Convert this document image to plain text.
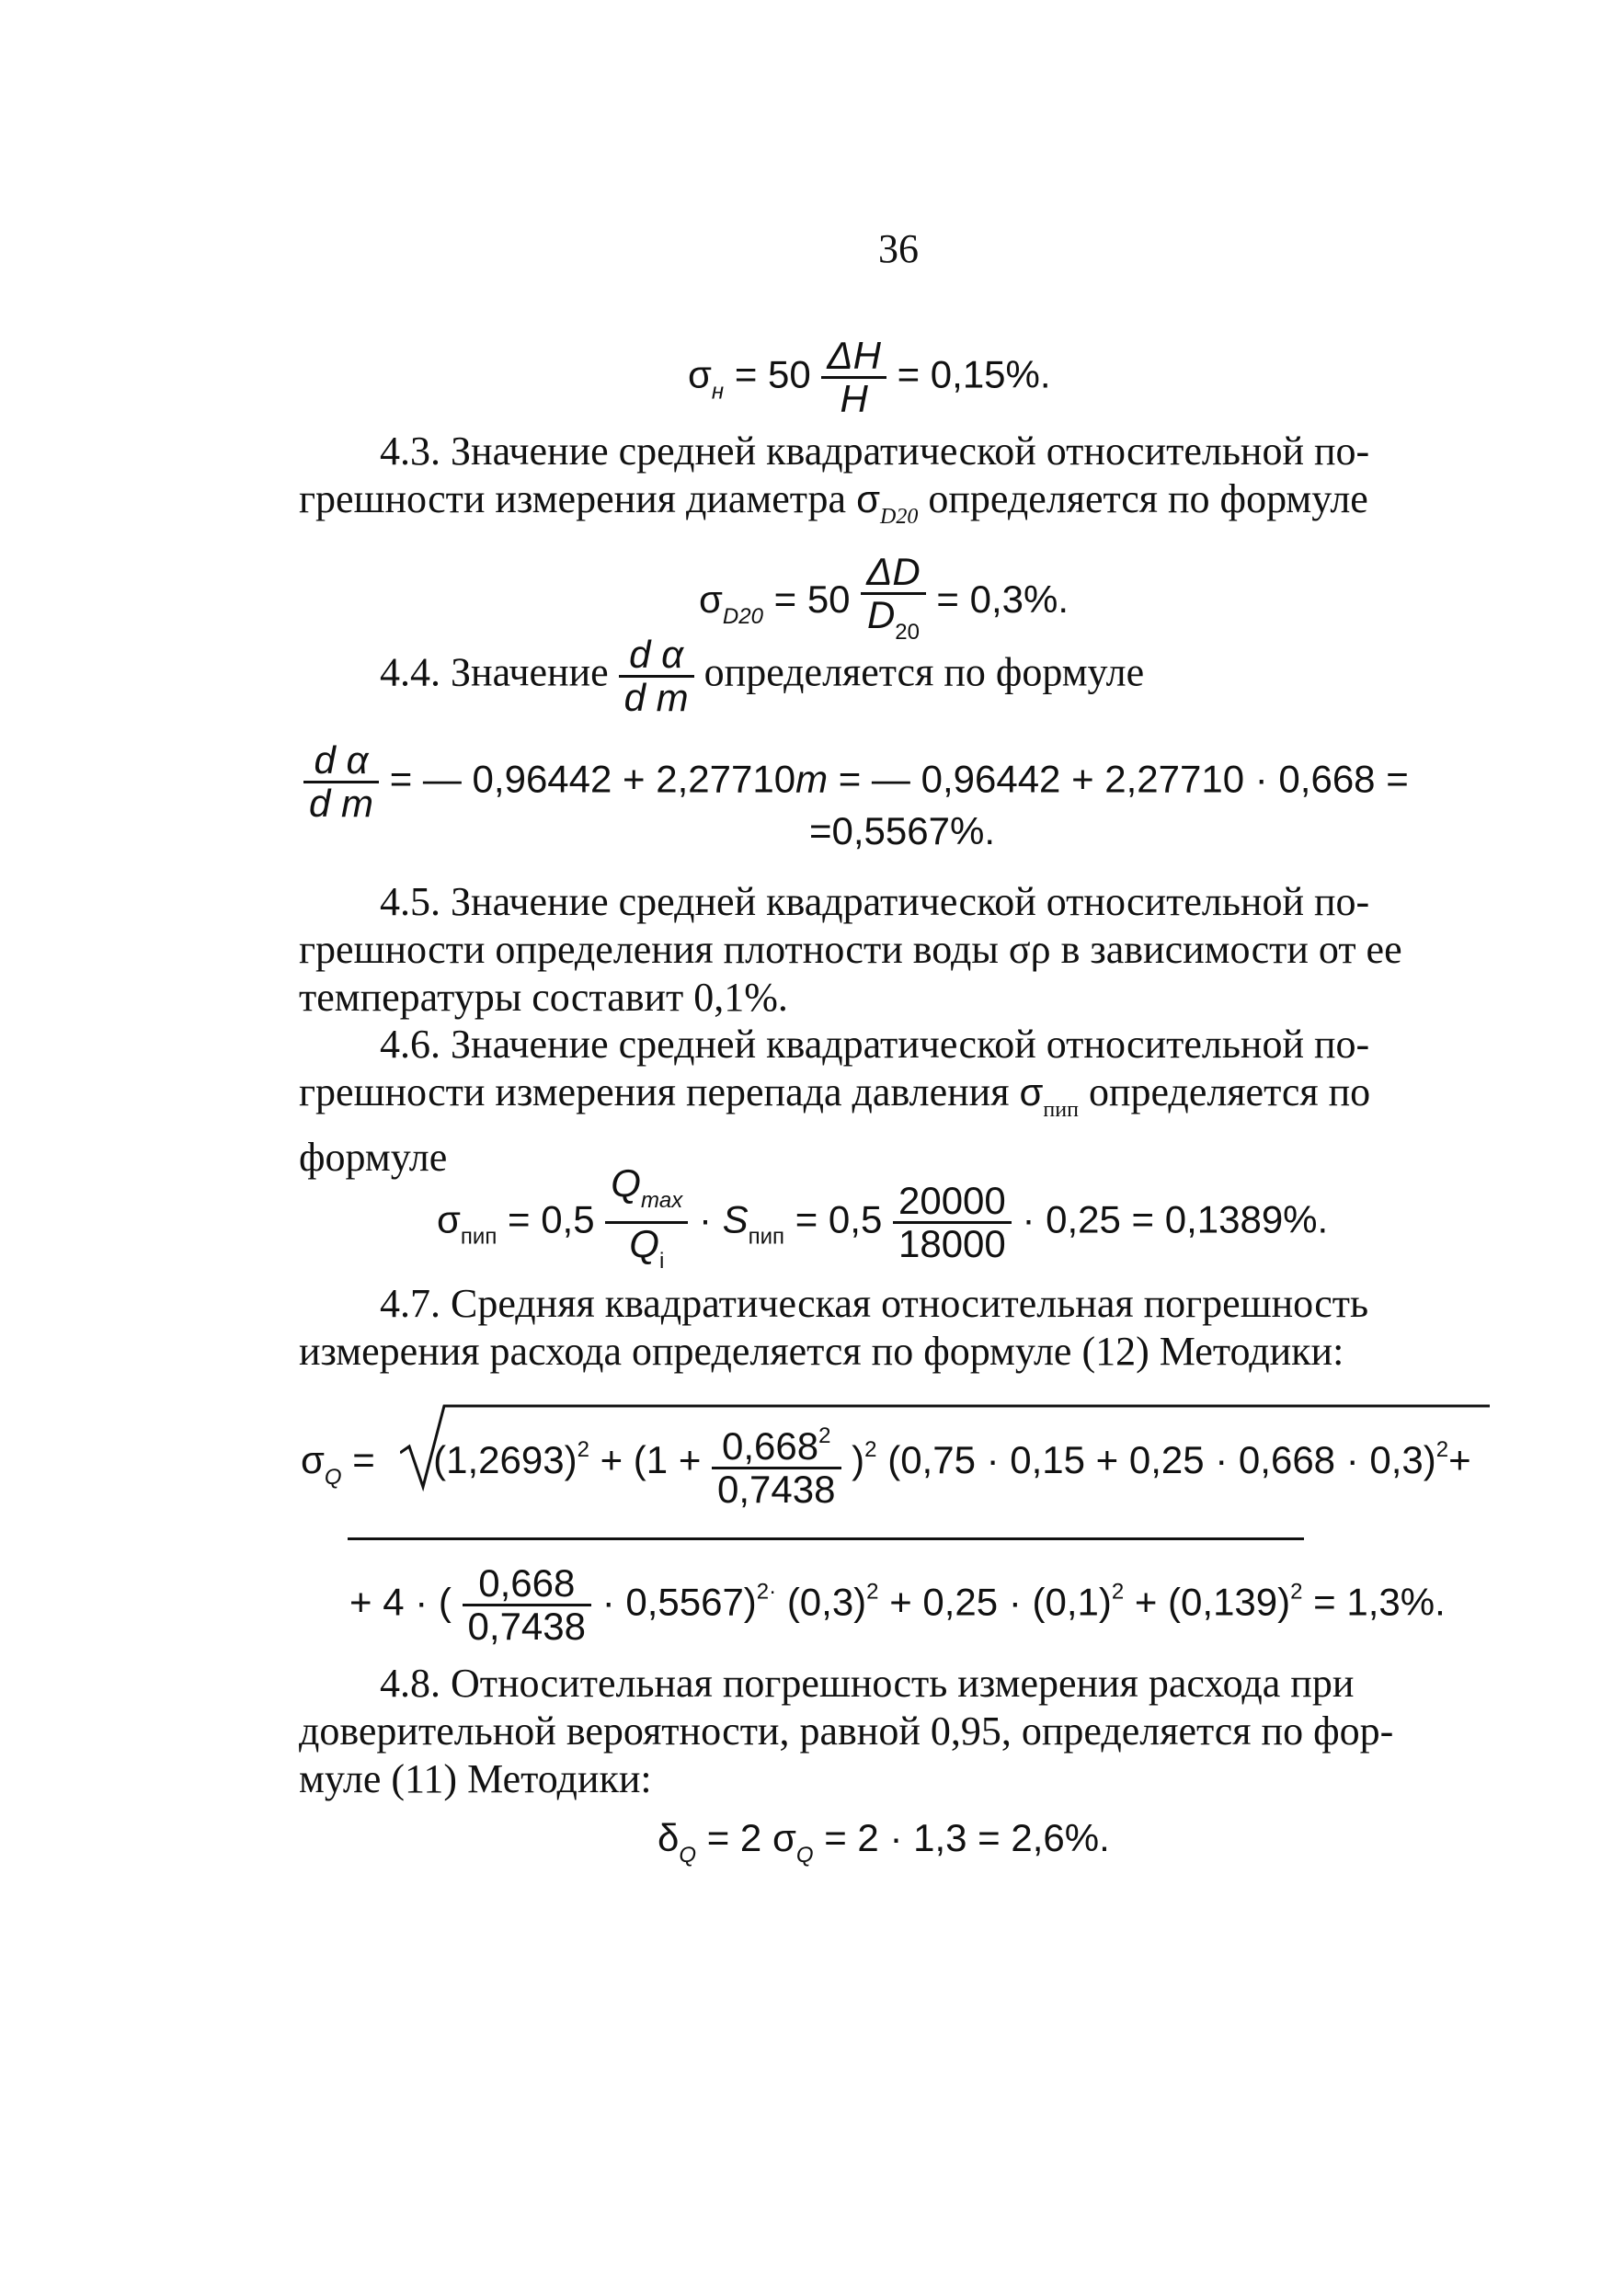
36
$\sigma_н = 50 \frac{\Delta H}{H} = 0,15\%$.
4.3. Значение средней квадратической относительной по-
грешности измерения диаметра $\sigma_{D20}$ определяется по формуле
$\sigma_{D20} = 50 \frac{\Delta D}{D_{20}} = 0,3\%$.
4.4. Значение $\frac{\text{d α}}{\text{d m}}$ определяется по формуле
$\frac{\text{d α}}{\text{d m}}$ = — 0,96442 + 2,27710m = — 0,96442 + 2,27710 · 0,668 =
=0,5567%.
4.5. Значение средней квадратической относительной по-
грешности определения плотности воды σρ в зависимости от ее
температуры составит 0,1%.
4.6. Значение средней квадратической относительной по-
грешности измерения перепада давления $\sigma_{пип}$ определяется по
формуле
$\sigma_{пип} = 0,5 \frac{Q_{max}}{Q_i} \cdot S_{пип} = 0,5 \frac{20000}{18000} \cdot 0,25 = 0,1389\%$.
4.7. Средняя квадратическая относительная погрешность
измерения расхода определяется по формуле (12) Методики:
$\sigma_Q = (1,2693)^2 + (1 + \frac{0,668^2}{0,7438} )^2$ $(0,75 \cdot 0,15 + 0,25 \cdot 0,668 \cdot 0,3)^2+$
+ 4 · ( $\frac{0,668}{0,7438} \cdot 0,5567)^{2\cdot}$ $(0,3)^2 + 0,25 \cdot (0,1)^2 + (0,139)^2 = 1,3\%$.
4.8. Относительная погрешность измерения расхода при
доверительной вероятности, равной 0,95, определяется по фор-
муле (11) Методики:
$\delta_Q = 2$ $\sigma_Q = 2 \cdot 1,3 = 2,6\%$.
